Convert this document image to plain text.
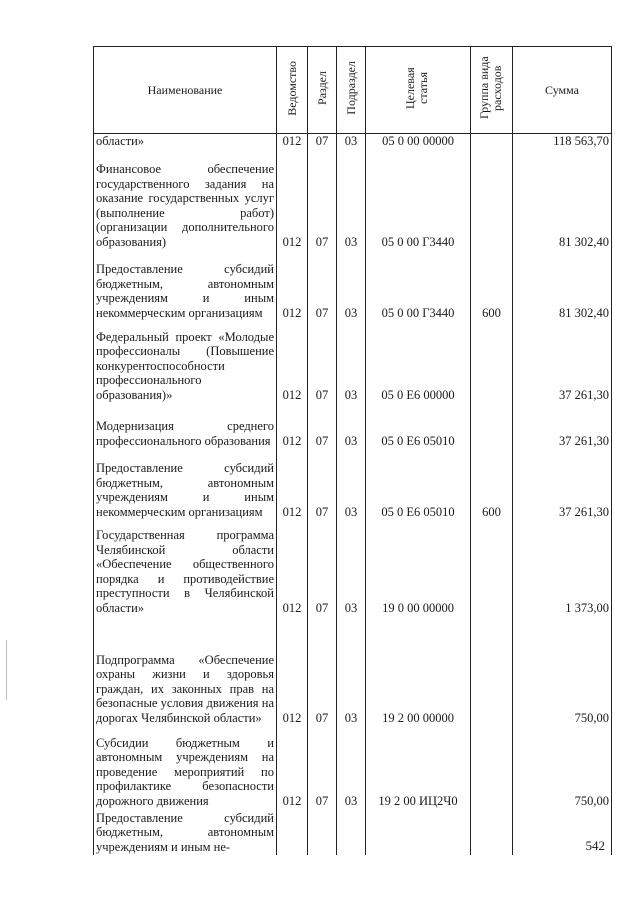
Наименование	Ведомство	Раздел	Подраздел	Целевая статья	Группа вида расходов	Сумма
области»	012	07	03	05 0 00 00000		118 563,70
Финансовое обеспечение государственного задания на оказание государственных услуг (выполнение работ) (организации дополнительного образования)	012	07	03	05 0 00 Г3440		81 302,40
Предоставление субсидий бюджетным, автономным учреждениям и иным некоммерческим организациям	012	07	03	05 0 00 Г3440	600	81 302,40
Федеральный проект «Молодые профессионалы (Повышение конкурентоспособности профессионального образования)»	012	07	03	05 0 Е6 00000		37 261,30
Модернизация среднего профессионального образования	012	07	03	05 0 Е6 05010		37 261,30
Предоставление субсидий бюджетным, автономным учреждениям и иным некоммерческим организациям	012	07	03	05 0 Е6 05010	600	37 261,30
Государственная программа Челябинской области «Обеспечение общественного порядка и противодействие преступности в Челябинской области»	012	07	03	19 0 00 00000		1 373,00
Подпрограмма «Обеспечение охраны жизни и здоровья граждан, их законных прав на безопасные условия движения на дорогах Челябинской области»	012	07	03	19 2 00 00000		750,00
Субсидии бюджетным и автономным учреждениям на проведение мероприятий по профилактике безопасности дорожного движения	012	07	03	19 2 00 ИЦ2Ч0		750,00
Предоставление субсидий бюджетным, автономным учреждениям и иным не-							542
